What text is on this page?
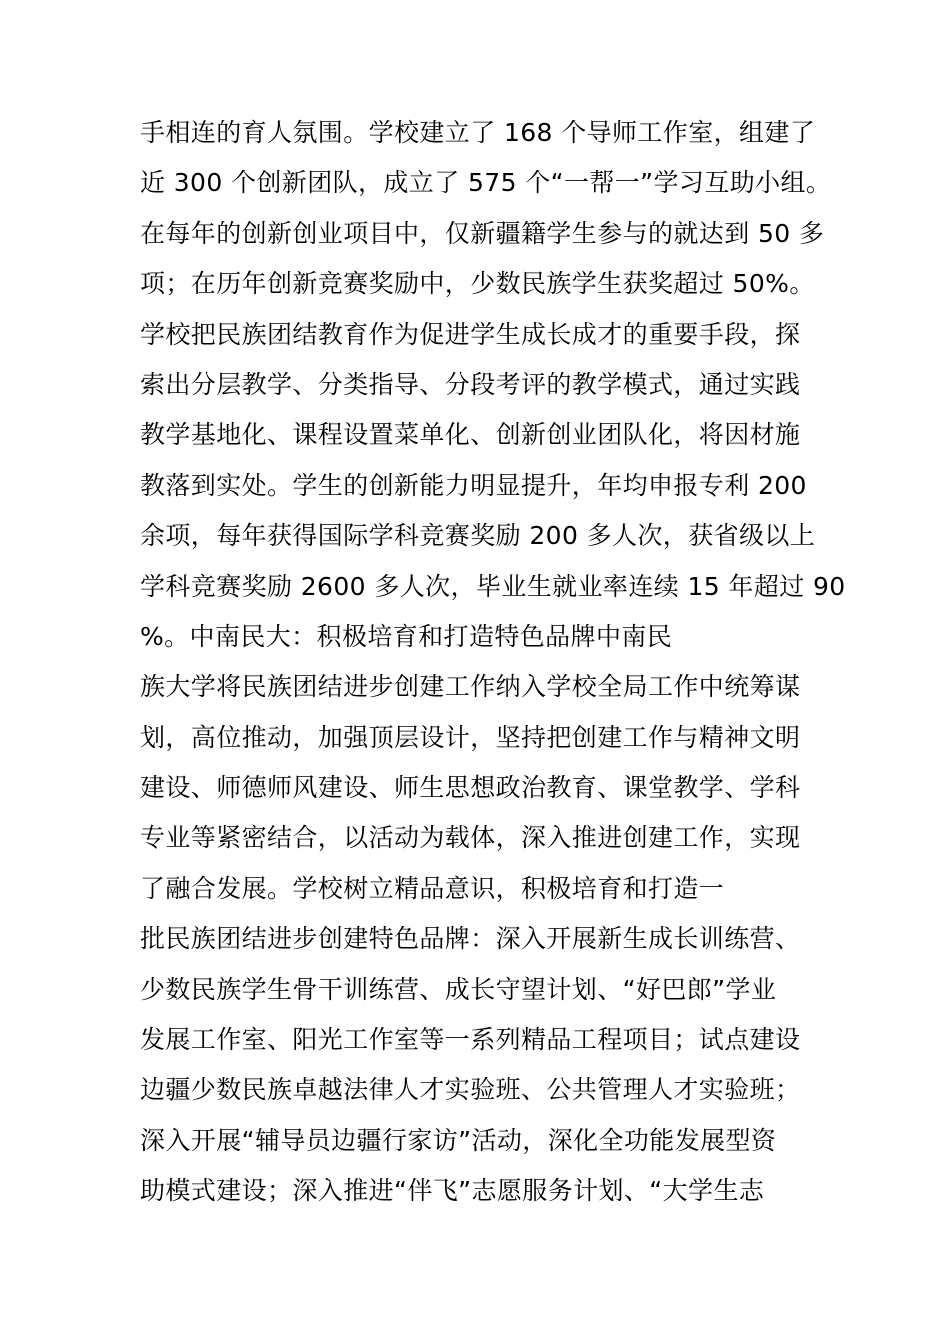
手相连的育人氛围。学校建立了 168 个导师工作室，组建了
近 300 个创新团队，成立了 575 个“一帮一”学习互助小组。
在每年的创新创业项目中，仅新疆籍学生参与的就达到 50 多
项；在历年创新竞赛奖励中，少数民族学生获奖超过 50%。
学校把民族团结教育作为促进学生成长成才的重要手段，探
索出分层教学、分类指导、分段考评的教学模式，通过实践
教学基地化、课程设置菜单化、创新创业团队化，将因材施
教落到实处。学生的创新能力明显提升，年均申报专利 200
余项，每年获得国际学科竞赛奖励 200 多人次，获省级以上
学科竞赛奖励 2600 多人次，毕业生就业率连续 15 年超过 90
%。中南民大：积极培育和打造特色品牌中南民
族大学将民族团结进步创建工作纳入学校全局工作中统筹谋
划，高位推动，加强顶层设计，坚持把创建工作与精神文明
建设、师德师风建设、师生思想政治教育、课堂教学、学科
专业等紧密结合，以活动为载体，深入推进创建工作，实现
了融合发展。学校树立精品意识，积极培育和打造一
批民族团结进步创建特色品牌：深入开展新生成长训练营、
少数民族学生骨干训练营、成长守望计划、“好巴郎”学业
发展工作室、阳光工作室等一系列精品工程项目；试点建设
边疆少数民族卓越法律人才实验班、公共管理人才实验班；
深入开展“辅导员边疆行家访”活动，深化全功能发展型资
助模式建设；深入推进“伴飞”志愿服务计划、“大学生志
